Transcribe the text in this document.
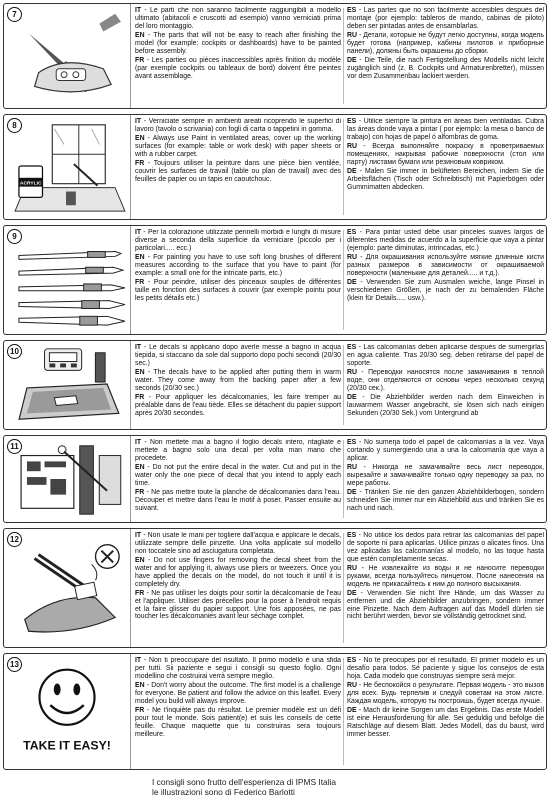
7	IT - Le parti che non saranno facilmente raggiungibili a modello ultimato (abitacoli e cruscotti ad esempio) vanno verniciati prima del loro montaggio.

EN - The parts that will not be easy to reach after finishing the model (for example: cockpits or dashboards) have to be painted before assembly.

FR - Les parties ou pièces inaccessibles après finition du modèle (par exemple cockpits ou tableaux de bord) doivent être peintes avant assemblage.

ES - Las partes que no son fácilmente accesibles después del montaje (por ejemplo: tableros de mando, cabinas de piloto) deben ser pintadas antes de ensamblarlas.

RU - Детали, которые не будут легко доступны, когда модель будет готова (например, кабины пилотов и приборные панели), должны быть окрашены до сборки.

DE - Die Teile, die nach Fertigstellung des Modells nicht leicht zugänglich sind (z. B. Cockpits und Armaturenbretter), müssen vor dem Zusammenbau lackiert werden.

8
ACRYLIC

IT - Verniciate sempre in ambienti areati ricoprendo le superfici di lavoro (tavolo o scrivania) con fogli di carta o tappetini in gomma.

EN - Always use Paint in ventilated areas, cover up the working surfaces (for example: table or work desk) with paper sheets or with a rubber carpet.

FR - Toujours utiliser la peinture dans une pièce bien ventilée, couvrir les surfaces de travail (table ou plan de travail) avec des feuilles de papier ou un tapis en caoutchouc.

ES - Utilice siempre la pintura en áreas bien ventiladas. Cubra las áreas donde vaya a pintar ( por ejemplo: la mesa o banco de trabajo) con hojas de papel ó alfombras de goma.

RU - Всегда выполняйте покраску в проветриваемых помещениях, накрывая рабочие поверхности (стол или парту) листами бумаги или резиновым ковриком.

DE - Malen Sie immer in belüfteten Bereichen, indem Sie die Arbeitsflächen (Tisch oder Schreibtisch) mit Papierbögen oder Gummimatten abdecken.

9	IT - Per la colorazione utilizzate pennelli morbidi e lunghi di misure diverse a seconda della superficie da verniciare (piccolo per i particolari..... ecc.)

EN - For painting you have to use soft long brushes of different measures according to the surface that you have to paint (for example: a small one for the intricate parts, etc.)

FR - Pour peindre, utiliser des pinceaux souples de différentes taille en fonction des surfaces à couvrir (par exemple pointu pour les petits détails etc.)

ES - Para pintar usted debe usar pinceles suaves largos de diferentes medidas de acuerdo a la superficie que vaya a pintar (ejemplo: parte diminutas, intrincadas, etc.)

RU - Для окрашивания используйте мягкие длинные кисти разных размеров в зависимости от окрашиваемой поверхности (маленькие для деталей..... и т.д.).

DE - Verwenden Sie zum Ausmalen weiche, lange Pinsel in verschiedenen Größen, je nach der zu bemalenden Fläche (klein für Details..... usw.).

10	IT - Le decals si applicano dopo averle messe a bagno in acqua tiepida, si staccano da sole dal supporto dopo pochi secondi (20/30 sec.)

EN - The decals have to be applied after putting them in warm water. They come away from the backing paper after a few seconds (20/30 sec.)

FR - Pour appliquer les décalcomanies, les faire tremper au préalable dans de l'eau tiède. Elles se détachent du papier support après 20/30 secondes.

ES - Las calcomanías deben aplicarse después de sumergirlas en agua caliente. Tras 20/30 seg. deben retirarse del papel de soporte.

RU - Переводки наносятся после замачивания в теплой воде, они отделяются от основы через несколько секунд (20/30 сек.).

DE - Die Abziehbilder werden nach dem Einweichen in lauwarmem Wasser angebracht, sie lösen sich nach einigen Sekunden (20/30 Sek.) vom Untergrund ab

11	IT - Non mettete mai a bagno il foglio decals intero, ritagliate e mettete a bagno solo una decal per volta man mano che procedete.

EN - Do not put the entire decal in the water. Cut and put in the water only the one piece of decal that you intend to apply each time.

FR - Ne pas mettre toute la planche de décalcomanies dans l'eau. Découper et mettre dans l'eau le motif à poser. Passer ensuite au suivant.

ES - No sumerja todo el papel de calcomanías a la vez. Vaya cortando y sumergiendo una a una la calcomanía que vaya a aplicar.

RU - Никогда не замачивайте весь лист переводок, вырезайте и замачивайте только одну переводку за раз, по мере работы.

DE - Tränken Sie nie den ganzen Abziehbilderbogen, sondern schneiden Sie immer nur ein Abziehbild aus und tränken Sie es nach und nach.

12	IT - Non usate le mani per togliere dall'acqua e applicare le decals, utilizzate sempre delle pinzette. Una volta applicate sul modello non toccatele sino ad asciugatura completata.

EN - Do not use fingers for removing the decal sheet from the water and for applying it, always use pliers or tweezers. Once you have applied the decals on the model, do not touch it until it is completely dry.

FR - Ne pas utiliser les doigts pour sortir la décalcomanie de l'eau et l'appliquer. Utiliser des précelles pour la poser à l'endroit requis et la faire glisser du papier support. Une fois apposées, ne pas toucher les décalcomanies avant leur séchage complet.

ES - No utilice los dedos para retirar las calcomanías del papel de soporte ni para aplicarlas. Utilice pinzas o alicates finos. Una vez aplicadas las calcomanías al modelo, no las toque hasta que estén completamente secas.

RU - Не извлекайте из воды и не наносите переводки руками, всегда пользуйтесь пинцетом. После нанесения на модель не прикасайтесь к ним до полного высыхания.

DE - Verwenden Sie nicht Ihre Hände, um das Wasser zu entfernen und die Abziehbilder anzubringen, sondern immer eine Pinzette. Nach dem Auftragen auf das Modell dürfen sie nicht berührt werden, bevor sie vollständig getrocknet sind.

13
TAKE IT EASY!

IT - Non ti preoccupare del risultato. Il primo modello è una sfida per tutti. Sii paziente e segui i consigli su questo foglio. Ogni modellino che costruirai verrà sempre meglio.

EN - Don't worry about the outcome. The first model is a challenge for everyone. Be patient and follow the advice on this leaflet. Every model you build will always improve.

FR - Ne t'inquiète pas du résultat. Le premier modèle est un défi pour tout le monde. Sois patient(e) et suis les conseils de cette feuille. Chaque maquette que tu construiras sera toujours meilleure.

ES - No te preocupes por el resultado. El primer modelo es un desafío para todos. Sé paciente y sigue los consejos de esta hoja. Cada modelo que construyas siempre será mejor.

RU - Не беспокойся о результате. Первая модель - это вызов для всех. Будь терпелив и следуй советам на этом листе. Каждая модель, которую ты построишь, будет всегда лучше.

DE - Mach dir keine Sorgen um das Ergebnis. Das erste Modell ist eine Herausforderung für alle. Sei geduldig und befolge die Ratschläge auf diesem Blatt. Jedes Modell, das du baust, wird immer besser.

I consigli sono frutto dell'esperienza di IPMS Italia
le illustrazioni sono di Federico Barlotti
